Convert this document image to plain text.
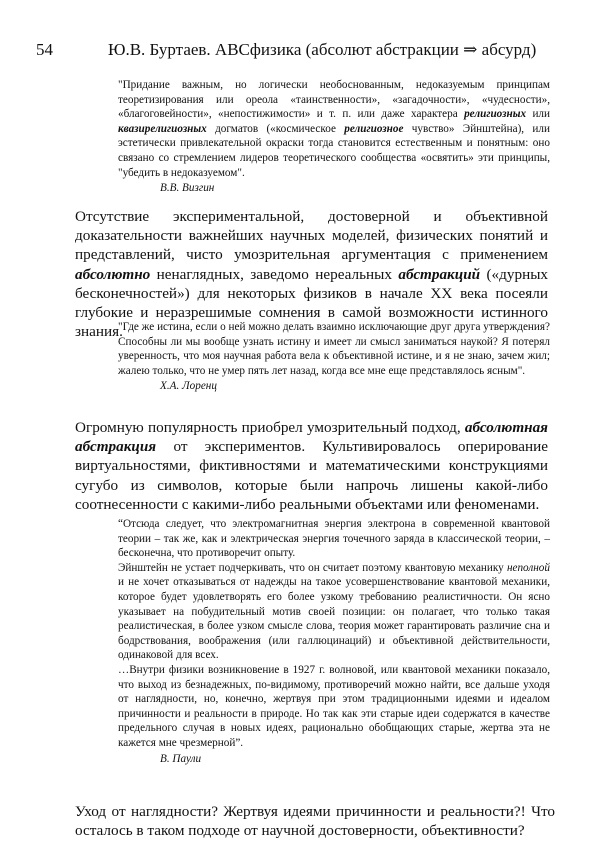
54	Ю.В. Буртаев. АВСфизика (абсолют абстракции ⇒ абсурд)

"Придание важным, но логически необоснованным, недоказуемым принципам теоретизирования или ореола «таинственности», «загадочности», «чудесности», «благоговейности», «непостижимости» и т. п. или даже характера религиозных или квазирелигиозных догматов («космическое религиозное чувство» Эйнштейна), или эстетически привлекательной окраски тогда становится естественным и понятным: оно связано со стремлением лидеров теоретического сообщества «освятить» эти принципы, "убедить в недоказуемом".

В.В. Визгин

Отсутствие экспериментальной, достоверной и объективной доказательности важнейших научных моделей, физических понятий и представлений, чисто умозрительная аргументация с применением абсолютно ненаглядных, заведомо нереальных абстракций («дурных бесконечностей») для некоторых физиков в начале XX века посеяли глубокие и неразрешимые сомнения в самой возможности истинного знания.

"Где же истина, если о ней можно делать взаимно исключающие друг друга утверждения? Способны ли мы вообще узнать истину и имеет ли смысл заниматься наукой? Я потерял уверенность, что моя научная работа вела к объективной истине, и я не знаю, зачем жил; жалею только, что не умер пять лет назад, когда все мне еще представлялось ясным".

Х.А. Лоренц

Огромную популярность приобрел умозрительный подход, абсолютная абстракция от экспериментов. Культивировалось оперирование виртуальностями, фиктивностями и математическими конструкциями сугубо из символов, которые были напрочь лишены какой-либо соотнесенности с какими-либо реальными объектами или феноменами.

“Отсюда следует, что электромагнитная энергия электрона в современной квантовой теории – так же, как и электрическая энергия точечного заряда в классической теории, – бесконечна, что противоречит опыту.

Эйнштейн не устает подчеркивать, что он считает поэтому квантовую механику неполной и не хочет отказываться от надежды на такое усовершенствование квантовой механики, которое будет удовлетворять его более узкому требованию реалистичности. Он ясно указывает на побудительный мотив своей позиции: он полагает, что только такая реалистическая, в более узком смысле слова, теория может гарантировать различие сна и бодрствования, воображения (или галлюцинаций) и объективной действительности, одинаковой для всех.

…Внутри физики возникновение в 1927 г. волновой, или квантовой механики показало, что выход из безнадежных, по-видимому, противоречий можно найти, все дальше уходя от наглядности, но, конечно, жертвуя при этом традиционными идеями и идеалом причинности и реальности в природе. Но так как эти старые идеи содержатся в качестве предельного случая в новых идеях, рационально обобщающих старые, жертва эта не кажется мне чрезмерной”.

В. Паули

Уход от наглядности? Жертвуя идеями причинности и реальности?! Что осталось в таком подходе от научной достоверности, объективности?
